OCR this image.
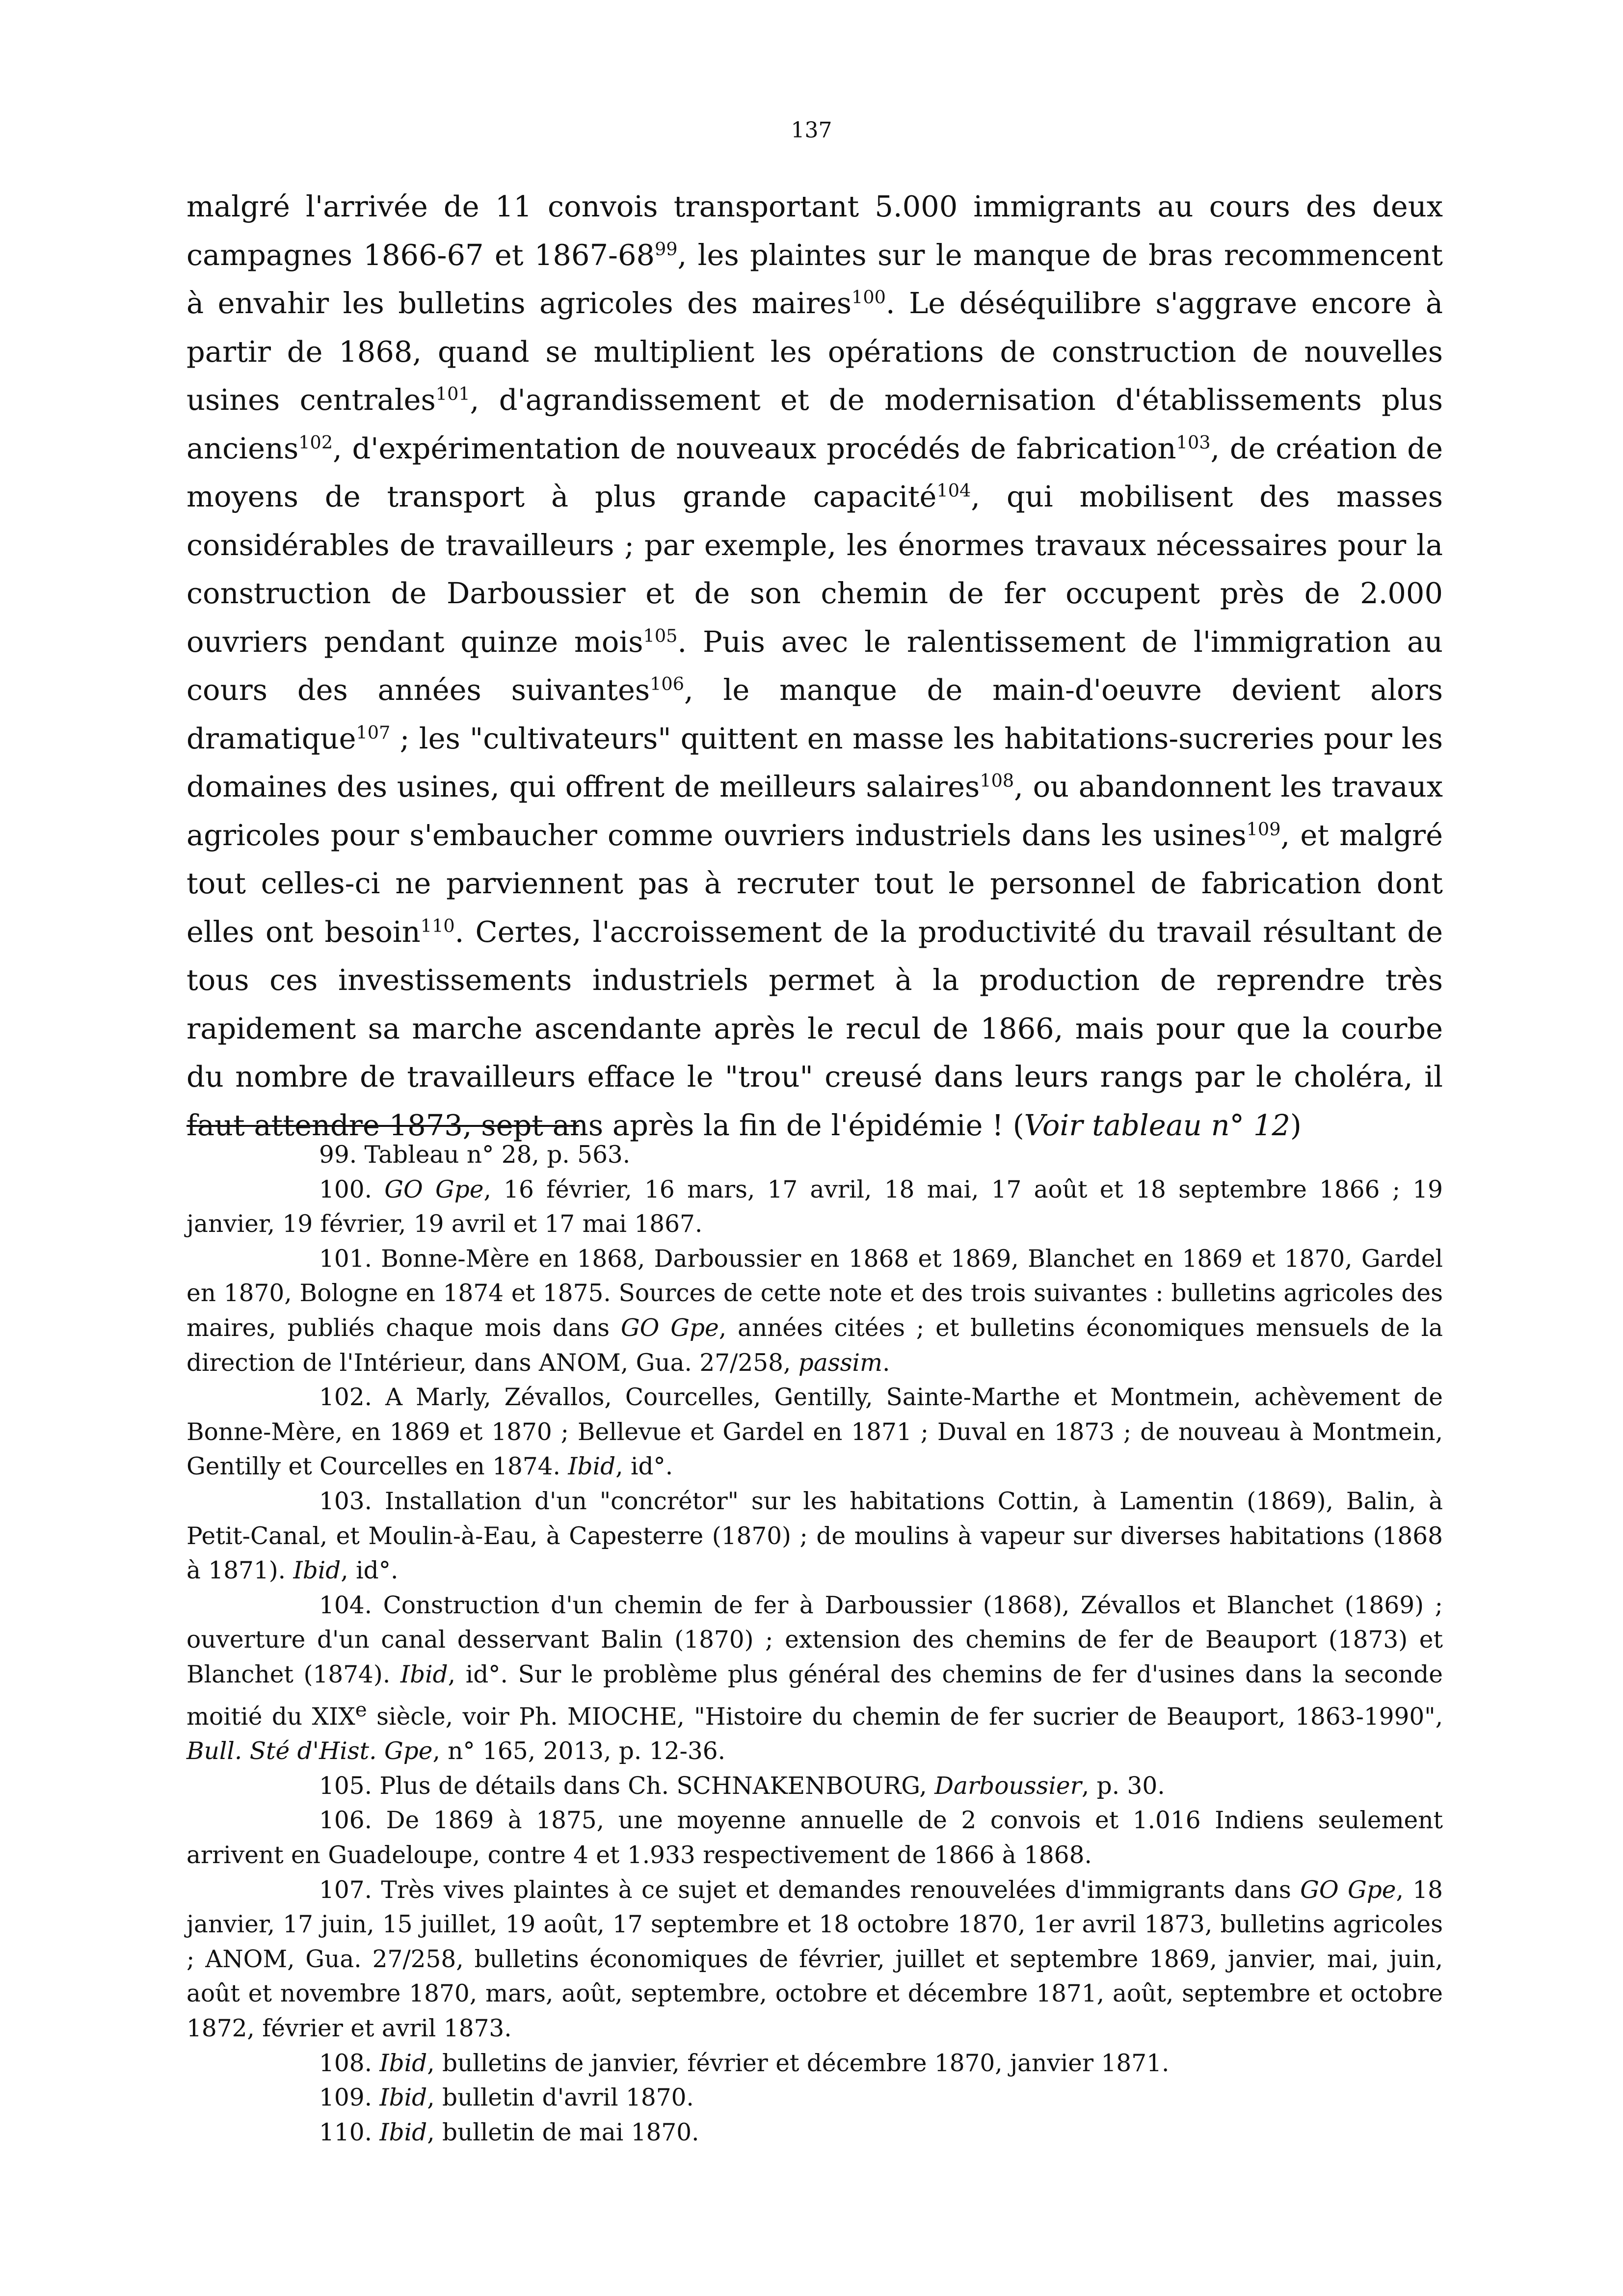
137
malgré l'arrivée de 11 convois transportant 5.000 immigrants au cours des deux campagnes 1866-67 et 1867-68$^{99}$, les plaintes sur le manque de bras recommencent à envahir les bulletins agricoles des maires$^{100}$. Le déséquilibre s'aggrave encore à partir de 1868, quand se multiplient les opérations de construction de nouvelles usines centrales$^{101}$, d'agrandissement et de modernisation d'établissements plus anciens$^{102}$, d'expérimentation de nouveaux procédés de fabrication$^{103}$, de création de moyens de transport à plus grande capacité$^{104}$, qui mobilisent des masses considérables de travailleurs ; par exemple, les énormes travaux nécessaires pour la construction de Darboussier et de son chemin de fer occupent près de 2.000 ouvriers pendant quinze mois$^{105}$. Puis avec le ralentissement de l'immigration au cours des années suivantes$^{106}$, le manque de main-d'oeuvre devient alors dramatique$^{107}$ ; les "cultivateurs" quittent en masse les habitations-sucreries pour les domaines des usines, qui offrent de meilleurs salaires$^{108}$, ou abandonnent les travaux agricoles pour s'embaucher comme ouvriers industriels dans les usines$^{109}$, et malgré tout celles-ci ne parviennent pas à recruter tout le personnel de fabrication dont elles ont besoin$^{110}$. Certes, l'accroissement de la productivité du travail résultant de tous ces investissements industriels permet à la production de reprendre très rapidement sa marche ascendante après le recul de 1866, mais pour que la courbe du nombre de travailleurs efface le "trou" creusé dans leurs rangs par le choléra, il faut attendre 1873, sept ans après la fin de l'épidémie ! (Voir tableau n° 12)

99. Tableau n° 28, p. 563.

100. GO Gpe, 16 février, 16 mars, 17 avril, 18 mai, 17 août et 18 septembre 1866 ; 19 janvier, 19 février, 19 avril et 17 mai 1867.

101. Bonne-Mère en 1868, Darboussier en 1868 et 1869, Blanchet en 1869 et 1870, Gardel en 1870, Bologne en 1874 et 1875. Sources de cette note et des trois suivantes : bulletins agricoles des maires, publiés chaque mois dans GO Gpe, années citées ; et bulletins économiques mensuels de la direction de l'Intérieur, dans ANOM, Gua. 27/258, passim.

102. A Marly, Zévallos, Courcelles, Gentilly, Sainte-Marthe et Montmein, achèvement de Bonne-Mère, en 1869 et 1870 ; Bellevue et Gardel en 1871 ; Duval en 1873 ; de nouveau à Montmein, Gentilly et Courcelles en 1874. Ibid, id°.

103. Installation d'un "concrétor" sur les habitations Cottin, à Lamentin (1869), Balin, à Petit-Canal, et Moulin-à-Eau, à Capesterre (1870) ; de moulins à vapeur sur diverses habitations (1868 à 1871). Ibid, id°.

104. Construction d'un chemin de fer à Darboussier (1868), Zévallos et Blanchet (1869) ; ouverture d'un canal desservant Balin (1870) ; extension des chemins de fer de Beauport (1873) et Blanchet (1874). Ibid, id°. Sur le problème plus général des chemins de fer d'usines dans la seconde moitié du XIXe siècle, voir Ph. MIOCHE, "Histoire du chemin de fer sucrier de Beauport, 1863-1990", Bull. Sté d'Hist. Gpe, n° 165, 2013, p. 12-36.

105. Plus de détails dans Ch. SCHNAKENBOURG, Darboussier, p. 30.

106. De 1869 à 1875, une moyenne annuelle de 2 convois et 1.016 Indiens seulement arrivent en Guadeloupe, contre 4 et 1.933 respectivement de 1866 à 1868.

107. Très vives plaintes à ce sujet et demandes renouvelées d'immigrants dans GO Gpe, 18 janvier, 17 juin, 15 juillet, 19 août, 17 septembre et 18 octobre 1870, 1er avril 1873, bulletins agricoles ; ANOM, Gua. 27/258, bulletins économiques de février, juillet et septembre 1869, janvier, mai, juin, août et novembre 1870, mars, août, septembre, octobre et décembre 1871, août, septembre et octobre 1872, février et avril 1873.

108. Ibid, bulletins de janvier, février et décembre 1870, janvier 1871.

109. Ibid, bulletin d'avril 1870.

110. Ibid, bulletin de mai 1870.
